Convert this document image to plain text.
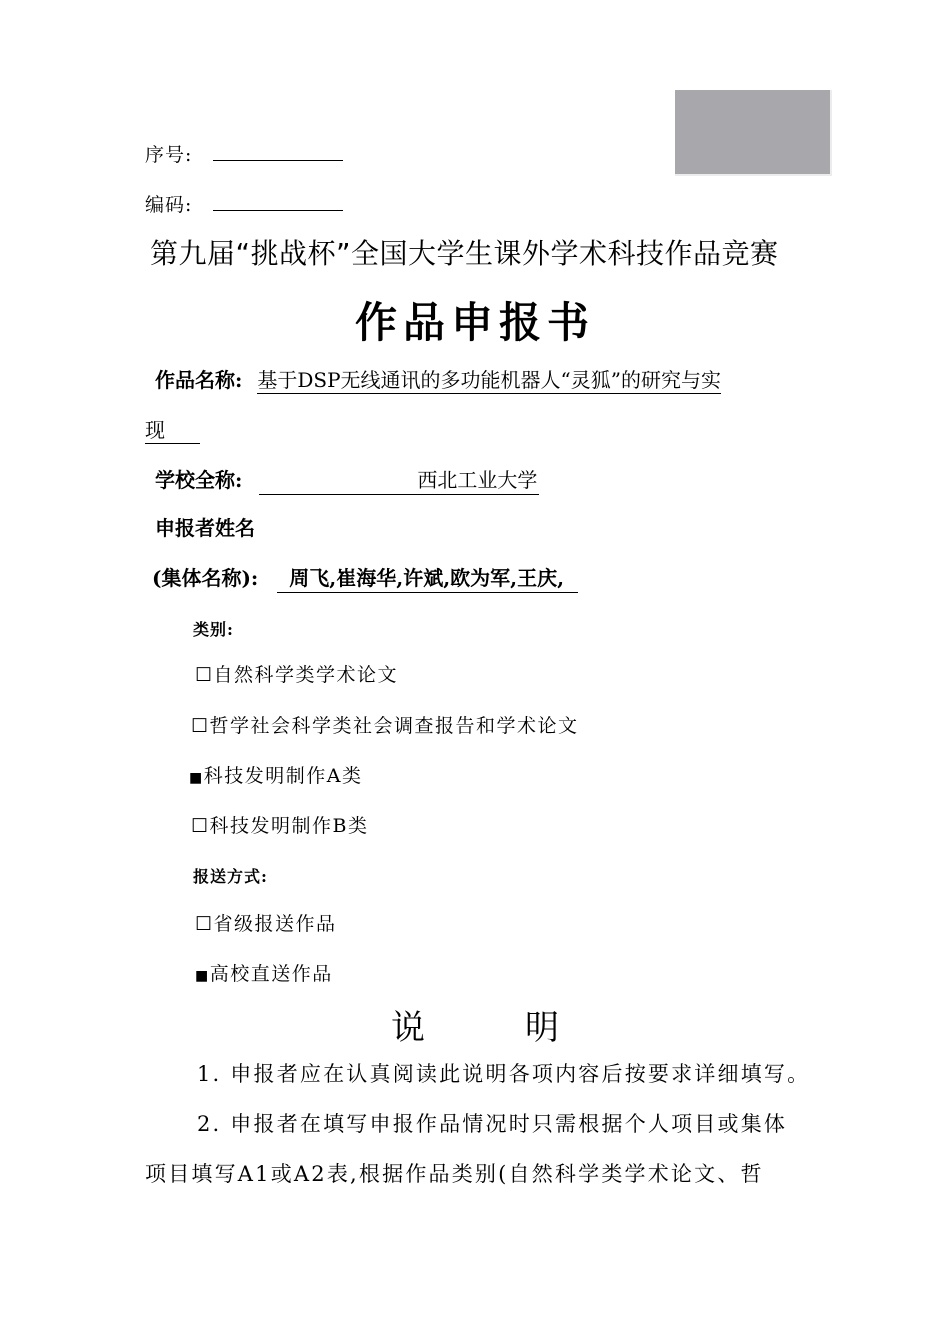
序号:
编码:
第九届“挑战杯”全国大学生课外学术科技作品竞赛
作品申报书
作品名称: 基于DSP无线通讯的多功能机器人“灵狐”的研究与实
现
学校全称:	西北工业大学
申报者姓名
(集体名称): 周飞,崔海华,许斌,欧为军,王庆,
类别:
☐自然科学类学术论文
☐哲学社会科学类社会调查报告和学术论文
■科技发明制作A类
☐科技发明制作B类
报送方式:
☐省级报送作品
■高校直送作品
说	明
1. 申报者应在认真阅读此说明各项内容后按要求详细填写。
2. 申报者在填写申报作品情况时只需根据个人项目或集体
项目填写A1或A2表,根据作品类别(自然科学类学术论文、哲
